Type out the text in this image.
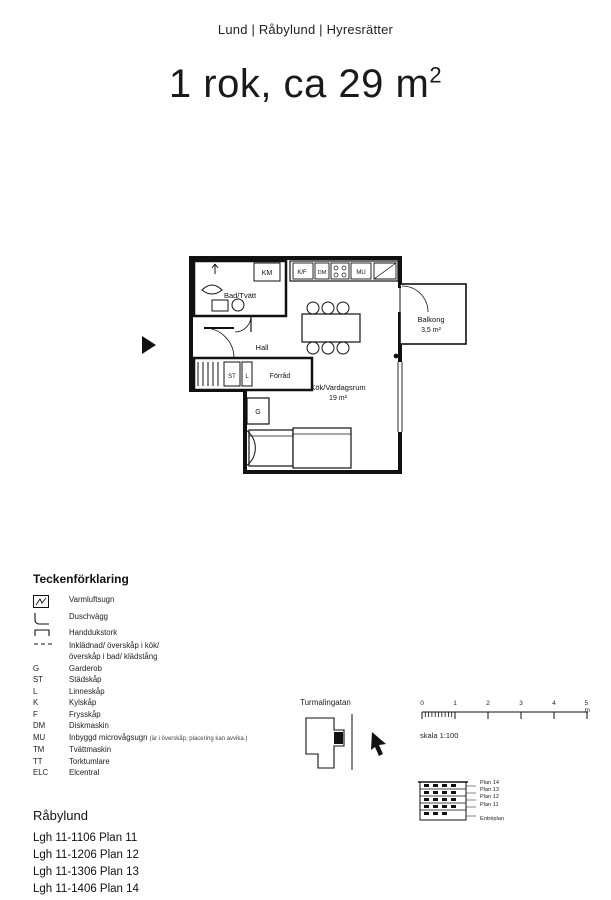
Lund | Råbylund | Hyresrätter
1 rok, ca 29 $m^2$
KM
ST L	Förråd
K/F DM	MU
G
Bad/Tvätt
Hall
Kök/Vardagsrum
19 m²
Balkong
3,5 m²
Teckenförklaring
Varmluftsugn
Duschvägg
Handdukstork
Inklädnad/ överskåp i kök/
överskåp i bad/ klädstång
G	Garderob
ST	Städskåp
L	Linneskåp
K	Kylskåp
F	Frysskåp
DM	Diskmaskin
MU	Inbyggd microvågsugn (är i överskåp, placering kan avvika.)
TM	Tvättmaskin
TT	Torktumlare
ELC	Elcentral
Turmalingatan	0	1	2	3	4	5 m
skala 1:100
Plan 14
Plan 13
Plan 12
Plan 11
Entréplan
Råbylund
Lgh 11-1106 Plan 11
Lgh 11-1206 Plan 12
Lgh 11-1306 Plan 13
Lgh 11-1406 Plan 14
